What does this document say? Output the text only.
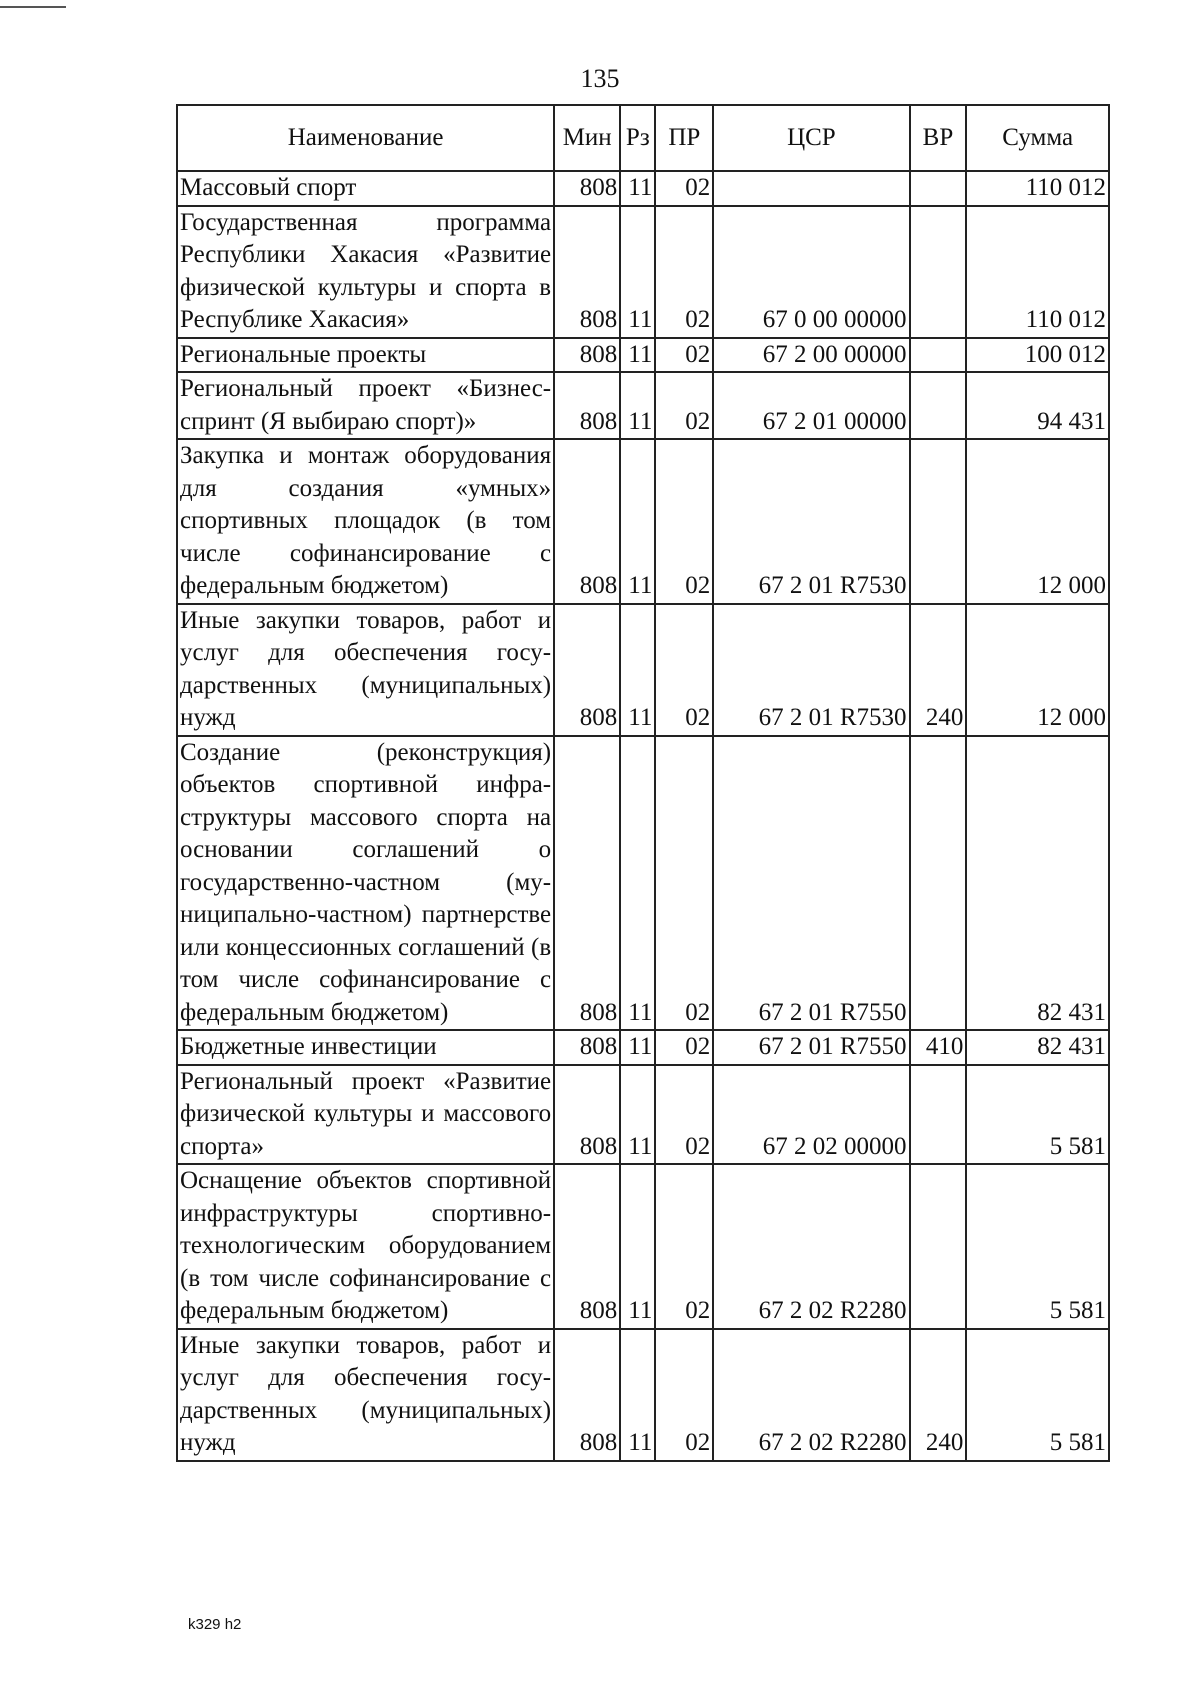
135
Наименование	Мин	Рз	ПР	ЦСР	ВР	Сумма
Массовый спорт	808	11	02			110 012
Государственная программа Республики Хакасия «Развитие физической культуры и спорта в Республике Хакасия»	808	11	02	67 0 00 00000		110 012
Региональные проекты	808	11	02	67 2 00 00000		100 012
Региональный проект «Бизнес-спринт (Я выбираю спорт)»	808	11	02	67 2 01 00000		94 431
Закупка и монтаж оборудования для создания «умных» спортивных площадок (в том числе софинансирование с федеральным бюджетом)	808	11	02	67 2 01 R7530		12 000
Иные закупки товаров, работ и услуг для обеспечения государственных (муниципальных) нужд	808	11	02	67 2 01 R7530	240	12 000
Создание (реконструкция) объектов спортивной инфраструктуры массового спорта на основании соглашений о государственно-частном (муниципально-частном) партнерстве или концессионных соглашений (в том числе софинансирование с федеральным бюджетом)	808	11	02	67 2 01 R7550		82 431
Бюджетные инвестиции	808	11	02	67 2 01 R7550	410	82 431
Региональный проект «Развитие физической культуры и массового спорта»	808	11	02	67 2 02 00000		5 581
Оснащение объектов спортивной инфраструктуры спортивно-технологическим оборудованием (в том числе софинансирование с федеральным бюджетом)	808	11	02	67 2 02 R2280		5 581
Иные закупки товаров, работ и услуг для обеспечения государственных (муниципальных) нужд	808	11	02	67 2 02 R2280	240	5 581
k329 h2
